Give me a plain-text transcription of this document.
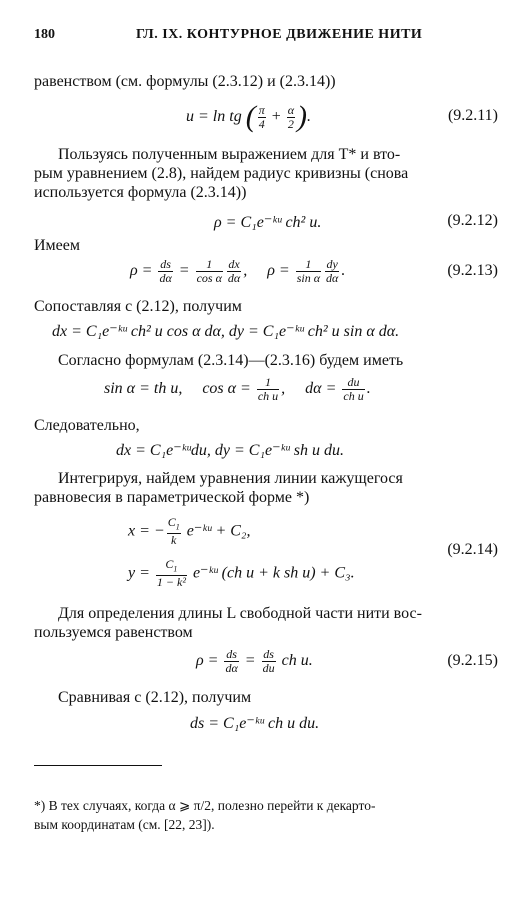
180	ГЛ. IX. КОНТУРНОЕ ДВИЖЕНИЕ НИТИ
равенством (см. формулы (2.3.12) и (2.3.14))
u = ln tg ( $\frac{\pi}{4} + \frac{\alpha}{2}$ ).	(9.2.11)
Пользуясь полученным выражением для T* и вто-
рым уравнением (2.8), найдем радиус кривизны (снова
используется формула (2.3.14))
ρ = C₁e⁻ᵏᵘ ch² u.	(9.2.12)
Имеем
$\rho = \frac{ds}{d\alpha} = \frac{1}{\text{cos α}} \frac{dx}{d\alpha}$ ,     $\rho = \frac{1}{\text{sin α}} \frac{dy}{d\alpha}$ .	(9.2.13)
Сопоставляя с (2.12), получим
dx = C₁e⁻ᵏᵘ ch² u cos α dα, dy = C₁e⁻ᵏᵘ ch² u sin α dα.
Согласно формулам (2.3.14)—(2.3.16) будем иметь
sin α = th u,     $\cos \alpha = \frac{1}{\text{ch u}}$ ,     $d\alpha = \frac{du}{\text{ch u}}$ .
Следовательно,
dx = C₁e⁻ᵏᵘdu, dy = C₁e⁻ᵏᵘ sh u du.
Интегрируя, найдем уравнения линии кажущегося
равновесия в параметрической форме *)
x = − $\frac{C_1}{k}$ e⁻ᵏᵘ + C₂,
$y = \frac{C_1}{\text{1 − k²}}$ e⁻ᵏᵘ (ch u + k sh u) + C₃.
(9.2.14)
Для определения длины L свободной части нити вос-
пользуемся равенством
$\rho = \frac{ds}{d\alpha} = \frac{ds}{du}$ ch u.	(9.2.15)
Сравнивая с (2.12), получим
ds = C₁e⁻ᵏᵘ ch u du.
*) В тех случаях, когда α ⩾ π/2, полезно перейти к декарто-
вым координатам (см. [22, 23]).
